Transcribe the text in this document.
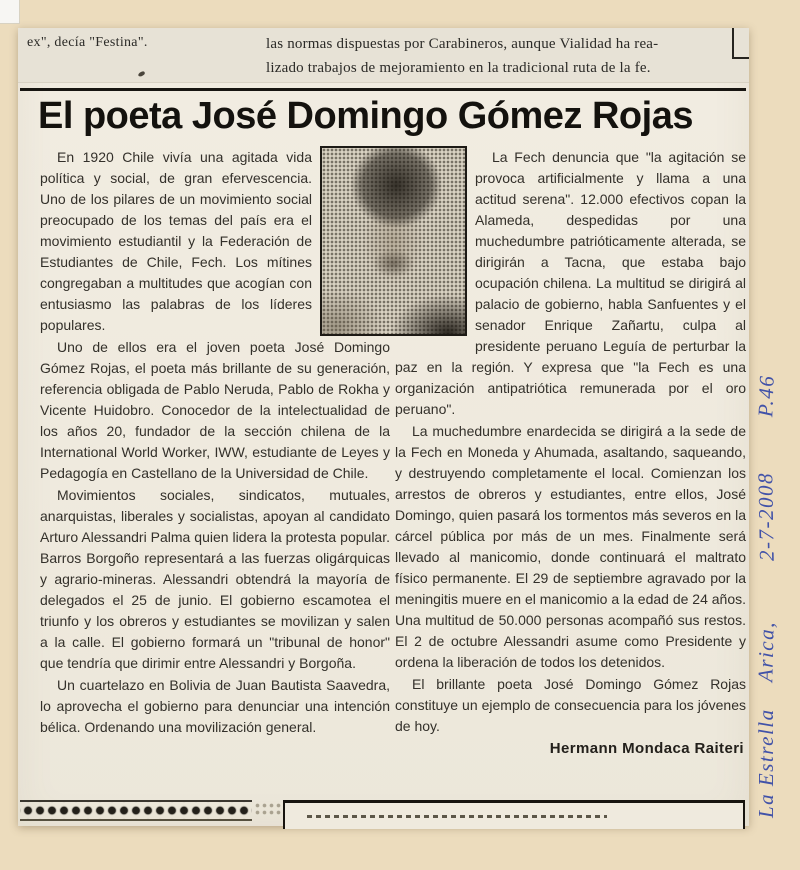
ex", decía "Festina".	las normas dispuestas por Carabineros, aunque Vialidad ha rea-
lizado trabajos de mejoramiento en la tradicional ruta de la fe.
El poeta José Domingo Gómez Rojas

En 1920 Chile vivía una agitada vida política y social, de gran efervescencia. Uno de los pilares de un movimiento social preocupado de los temas del país era el movimiento estudiantil y la Federación de Estudiantes de Chile, Fech. Los mítines congregaban a multitudes que acogían con entusiasmo las palabras de los líderes populares.

Uno de ellos era el joven poeta José Domingo Gómez Rojas, el poeta más brillante de su generación, referencia obligada de Pablo Neruda, Pablo de Rokha y Vicente Huidobro. Conocedor de la intelectualidad de los años 20, fundador de la sección chilena de la International World Worker, IWW, estudiante de Leyes y Pedagogía en Castellano de la Universidad de Chile.

Movimientos sociales, sindicatos, mutuales, anarquistas, liberales y socialistas, apoyan al candidato Arturo Alessandri Palma quien lidera la protesta popular. Barros Borgoño representará a las fuerzas oligárquicas y agrario-mineras. Alessandri obtendrá la mayoría de delegados el 25 de junio. El gobierno escamotea el triunfo y los obreros y estudiantes se movilizan y salen a la calle. El gobierno formará un "tribunal de honor" que tendría que dirimir entre Alessandri y Borgoña.

Un cuartelazo en Bolivia de Juan Bautista Saavedra, lo aprovecha el gobierno para denunciar una intención bélica. Ordenando una movilización general.

La Fech denuncia que "la agitación se provoca artificialmente y llama a una actitud serena". 12.000 efectivos copan la Alameda, despedidas por una muchedumbre patrióticamente alterada, se dirigirán a Tacna, que estaba bajo ocupación chilena. La multitud se dirigirá al palacio de gobierno, habla Sanfuentes y el senador Enrique Zañartu, culpa al presidente peruano Leguía de perturbar la paz en la región. Y expresa que "la Fech es una organización antipatriótica remunerada por el oro peruano".

La muchedumbre enardecida se dirigirá a la sede de la Fech en Moneda y Ahumada, asaltando, saqueando, y destruyendo completamente el local. Comienzan los arrestos de obreros y estudiantes, entre ellos, José Domingo, quien pasará los tormentos más severos en la cárcel pública por más de un mes. Finalmente será llevado al manicomio, donde continuará el maltrato físico permanente. El 29 de septiembre agravado por la meningitis muere en el manicomio a la edad de 24 años. Una multitud de 50.000 personas acompañó sus restos. El 2 de octubre Alessandri asume como Presidente y ordena la liberación de todos los detenidos.

El brillante poeta José Domingo Gómez Rojas constituye un ejemplo de consecuencia para los jóvenes de hoy.

Hermann Mondaca Raiteri La Estrella
Arica,
2-7-2008
P.46
